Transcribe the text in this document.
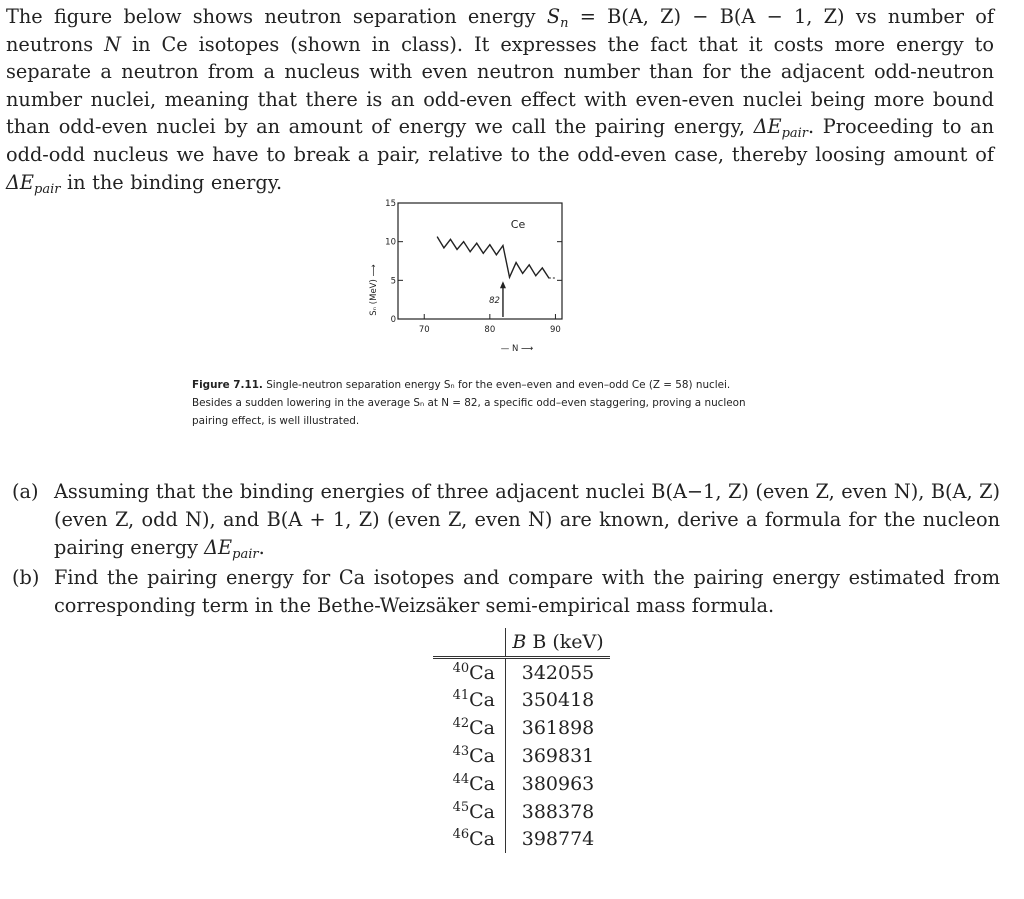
The figure below shows neutron separation energy $S_n = B(A$, Z) − B(A − 1, Z) vs number of neutrons N in Ce isotopes (shown in class). It expresses the fact that it costs more energy to separate a neutron from a nucleus with even neutron number than for the adjacent odd-neutron number nuclei, meaning that there is an odd-even effect with even-even nuclei being more bound than odd-even nuclei by an amount of energy we call the pairing energy, $\Delta E_{pair}$. Proceeding to an odd-odd nucleus we have to break a pair, relative to the odd-even case, thereby loosing amount of $\Delta E_{pair}$ in the binding energy.
15
10
5
0
70	80	90
Ce
Sₙ (MeV) ⟶
— N ⟶
82
Figure 7.11. Single-neutron separation energy Sₙ for the even–even and even–odd Ce (Z = 58) nuclei. Besides a sudden lowering in the average Sₙ at N = 82, a specific odd–even staggering, proving a nucleon pairing effect, is well illustrated.
(a) Assuming that the binding energies of three adjacent nuclei B(A−1, Z) (even Z, even N), B(A, Z) (even Z, odd N), and B(A + 1, Z) (even Z, even N) are known, derive a formula for the nucleon pairing energy $\Delta E_{pair}$.
(b) Find the pairing energy for Ca isotopes and compare with the pairing energy estimated from corresponding term in the Bethe-Weizsäker semi-empirical mass formula.
	B B (keV)
$^{40}$Ca	342055
$^{41}$Ca	350418
$^{42}$Ca	361898
$^{43}$Ca	369831
$^{44}$Ca	380963
$^{45}$Ca	388378
$^{46}$Ca	398774
